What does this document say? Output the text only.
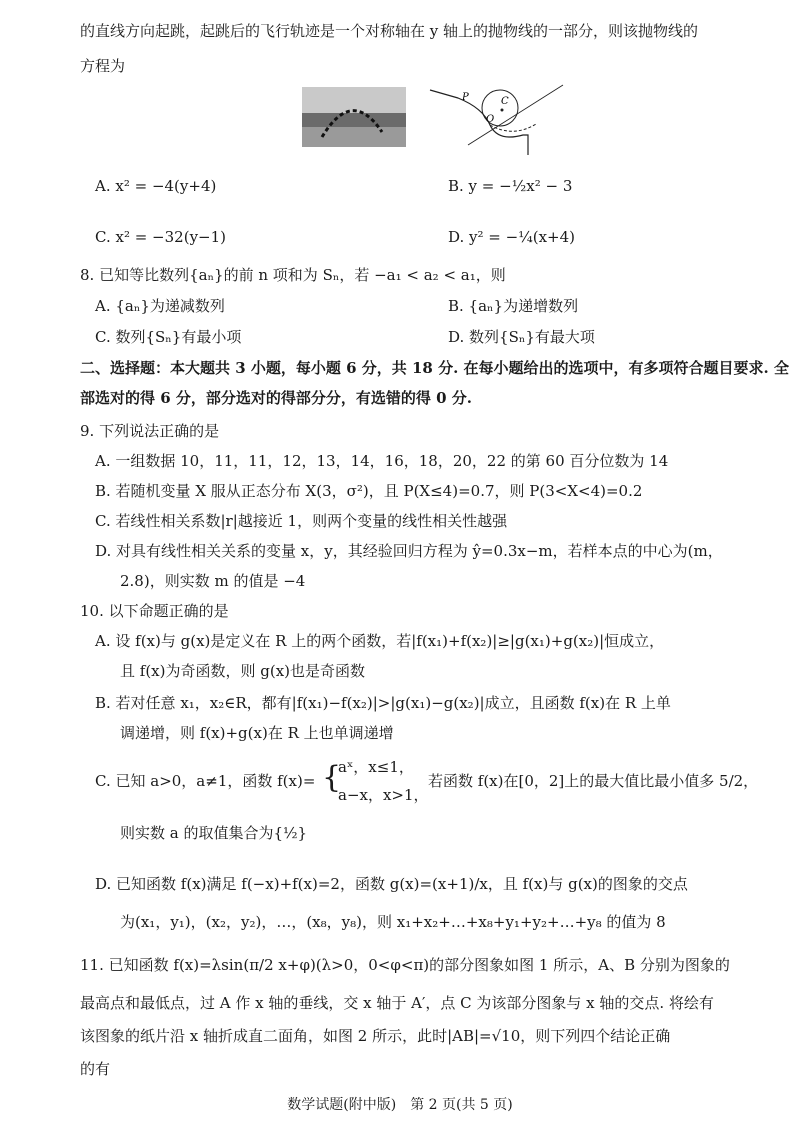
的直线方向起跳，起跳后的飞行轨迹是一个对称轴在 y 轴上的抛物线的一部分，则该抛物线的
方程为
P	C
O
A. x² = −4(y+4)	B. y = −½x² − 3
C. x² = −32(y−1)	D. y² = −¼(x+4)
8. 已知等比数列{aₙ}的前 n 项和为 Sₙ，若 −a₁ < a₂ < a₁，则
A. {aₙ}为递减数列	B. {aₙ}为递增数列
C. 数列{Sₙ}有最小项	D. 数列{Sₙ}有最大项
二、选择题：本大题共 3 小题，每小题 6 分，共 18 分. 在每小题给出的选项中，有多项符合题目要求. 全
部选对的得 6 分，部分选对的得部分分，有选错的得 0 分.
9. 下列说法正确的是
A. 一组数据 10，11，11，12，13，14，16，18，20，22 的第 60 百分位数为 14
B. 若随机变量 X 服从正态分布 X(3，σ²)，且 P(X≤4)=0.7，则 P(3<X<4)=0.2
C. 若线性相关系数|r|越接近 1，则两个变量的线性相关性越强
D. 对具有线性相关关系的变量 x，y，其经验回归方程为 ŷ=0.3x−m，若样本点的中心为(m，
2.8)，则实数 m 的值是 −4
10. 以下命题正确的是
A. 设 f(x)与 g(x)是定义在 R 上的两个函数，若|f(x₁)+f(x₂)|≥|g(x₁)+g(x₂)|恒成立，
且 f(x)为奇函数，则 g(x)也是奇函数
B. 若对任意 x₁，x₂∈R，都有|f(x₁)−f(x₂)|>|g(x₁)−g(x₂)|成立，且函数 f(x)在 R 上单
调递增，则 f(x)+g(x)在 R 上也单调递增
C. 已知 a>0，a≠1，函数 f(x)= {
aˣ，x≤1，
a−x，x>1，
若函数 f(x)在[0，2]上的最大值比最小值多 5/2，
则实数 a 的取值集合为{½}
D. 已知函数 f(x)满足 f(−x)+f(x)=2，函数 g(x)=(x+1)/x，且 f(x)与 g(x)的图象的交点
为(x₁，y₁)，(x₂，y₂)，…，(x₈，y₈)，则 x₁+x₂+…+x₈+y₁+y₂+…+y₈ 的值为 8
11. 已知函数 f(x)=λsin(π/2 x+φ)(λ>0，0<φ<π)的部分图象如图 1 所示，A、B 分别为图象的
最高点和最低点，过 A 作 x 轴的垂线，交 x 轴于 A′，点 C 为该部分图象与 x 轴的交点. 将绘有
该图象的纸片沿 x 轴折成直二面角，如图 2 所示，此时|AB|=√10，则下列四个结论正确
的有
数学试题(附中版)　第 2 页(共 5 页)
